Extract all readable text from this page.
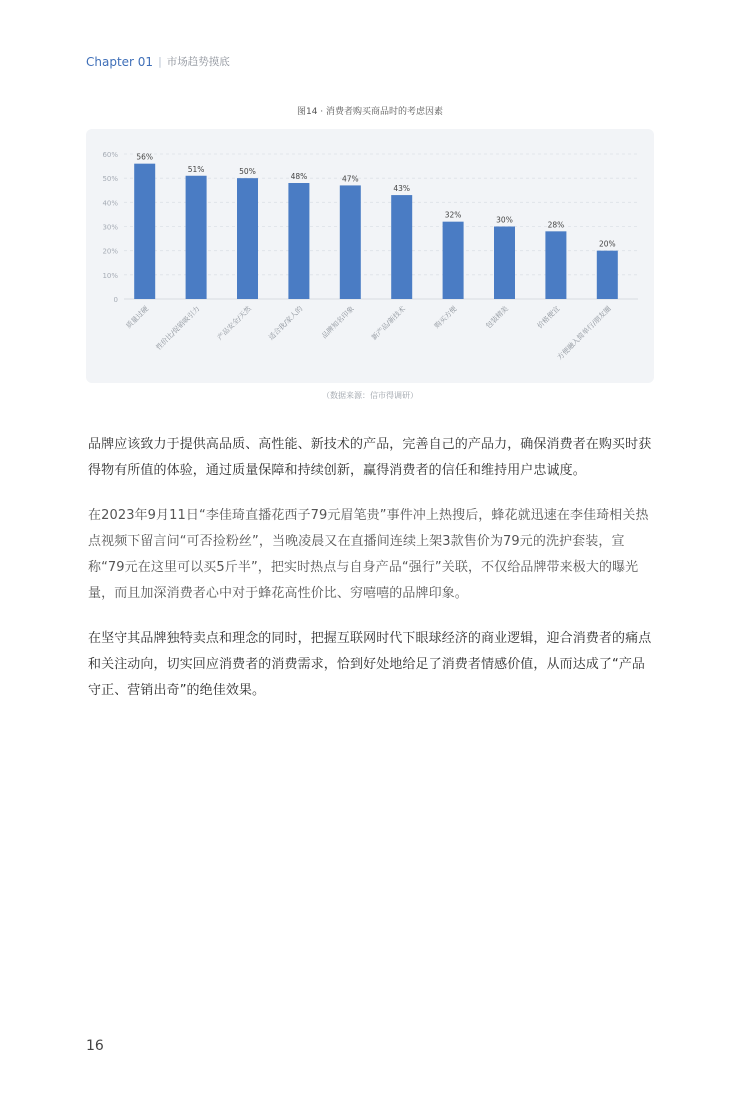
Chapter 01 | 市场趋势摸底
图14 · 消费者购买商品时的考虑因素
0
10%
20%
30%
40%
50%
60% 56%
质量过硬
51%
性价比/促销吸引力
50%
产品安全/天然
48%
适合我/家人的
47%
品牌知名印象
43%
新产品/新技术
32%
购买方便
30%
包装精美
28%
价格便宜
20%
方便融入简单行/朋友圈
（数据来源：信市得调研）
品牌应该致力于提供高品质、高性能、新技术的产品，完善自己的产品力，确保消费者在购买时获得物有所值的体验，通过质量保障和持续创新，赢得消费者的信任和维持用户忠诚度。
在2023年9月11日“李佳琦直播花西子79元眉笔贵”事件冲上热搜后，蜂花就迅速在李佳琦相关热点视频下留言问“可否捡粉丝”，当晚凌晨又在直播间连续上架3款售价为79元的洗护套装，宣称“79元在这里可以买5斤半”，把实时热点与自身产品“强行”关联，不仅给品牌带来极大的曝光量，而且加深消费者心中对于蜂花高性价比、穷嘻嘻的品牌印象。
在坚守其品牌独特卖点和理念的同时，把握互联网时代下眼球经济的商业逻辑，迎合消费者的痛点和关注动向，切实回应消费者的消费需求，恰到好处地给足了消费者情感价值，从而达成了“产品守正、营销出奇”的绝佳效果。
16
